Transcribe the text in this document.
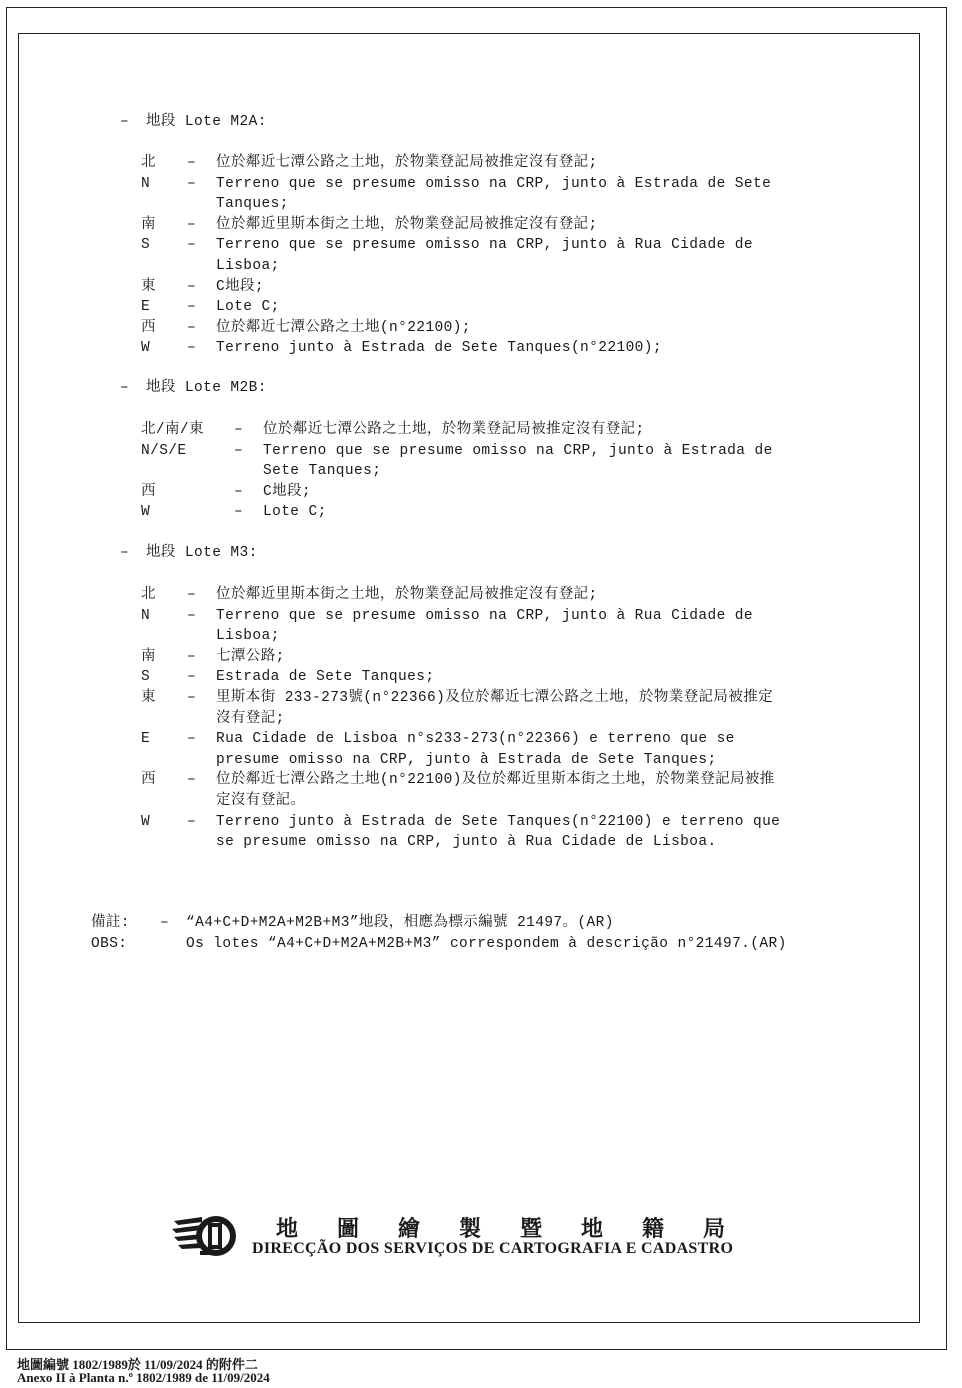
– 地段 Lote M2A:
北 – 位於鄰近七潭公路之土地，於物業登記局被推定沒有登記;
N	– Terreno que se presume omisso na CRP, junto à Estrada de Sete
Tanques;
南 – 位於鄰近里斯本街之土地，於物業登記局被推定沒有登記;
S	– Terreno que se presume omisso na CRP, junto à Rua Cidade de
Lisboa;
東 – C地段;
E	– Lote C;
西 – 位於鄰近七潭公路之土地(n°22100);
W	– Terreno junto à Estrada de Sete Tanques(n°22100);
– 地段 Lote M2B:
北/南/東 – 位於鄰近七潭公路之土地，於物業登記局被推定沒有登記;
N/S/E	– Terreno que se presume omisso na CRP, junto à Estrada de
Sete Tanques;
西	– C地段;
W	– Lote C;
– 地段 Lote M3:
北 – 位於鄰近里斯本街之土地，於物業登記局被推定沒有登記;
N	– Terreno que se presume omisso na CRP, junto à Rua Cidade de
Lisboa;
南 – 七潭公路;
S	– Estrada de Sete Tanques;
東 – 里斯本街 233-273號(n°22366)及位於鄰近七潭公路之土地，於物業登記局被推定
沒有登記;
E	– Rua Cidade de Lisboa n°s233-273(n°22366) e terreno que se
presume omisso na CRP, junto à Estrada de Sete Tanques;
西 – 位於鄰近七潭公路之土地(n°22100)及位於鄰近里斯本街之土地，於物業登記局被推
定沒有登記。
W	– Terreno junto à Estrada de Sete Tanques(n°22100) e terreno que
se presume omisso na CRP, junto à Rua Cidade de Lisboa.
備註: – “A4+C+D+M2A+M2B+M3”地段，相應為標示編號 21497。(AR)
OBS:	Os lotes “A4+C+D+M2A+M2B+M3” correspondem à descrição n°21497.(AR)
地圖繪製暨地籍局
DIRECÇÃO DOS SERVIÇOS DE CARTOGRAFIA E CADASTRO
地圖編號 1802/1989於 11/09/2024 的附件二
Anexo II à Planta n.º 1802/1989 de 11/09/2024
